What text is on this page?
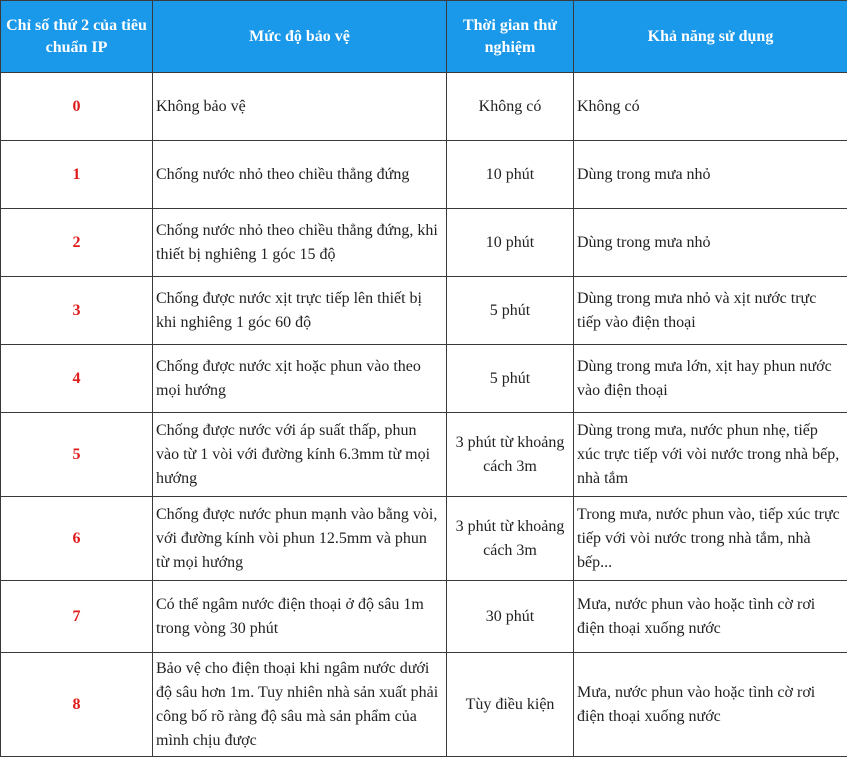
Chỉ số thứ 2 của tiêu chuẩn IP	Mức độ bảo vệ	Thời gian thử nghiệm	Khả năng sử dụng
0	Không bảo vệ	Không có	Không có
1	Chống nước nhỏ theo chiều thẳng đứng	10 phút	Dùng trong mưa nhỏ
2	Chống nước nhỏ theo chiều thẳng đứng, khi thiết bị nghiêng 1 góc 15 độ	10 phút	Dùng trong mưa nhỏ
3	Chống được nước xịt trực tiếp lên thiết bị khi nghiêng 1 góc 60 độ	5 phút	Dùng trong mưa nhỏ và xịt nước trực tiếp vào điện thoại
4	Chống được nước xịt hoặc phun vào theo mọi hướng	5 phút	Dùng trong mưa lớn, xịt hay phun nước vào điện thoại
5	Chống được nước với áp suất thấp, phun vào từ 1 vòi với đường kính 6.3mm từ mọi hướng	3 phút từ khoảng cách 3m	Dùng trong mưa, nước phun nhẹ, tiếp xúc trực tiếp với vòi nước trong nhà bếp, nhà tắm
6	Chống được nước phun mạnh vào bằng vòi, với đường kính vòi phun 12.5mm và phun từ mọi hướng	3 phút từ khoảng cách 3m	Trong mưa, nước phun vào, tiếp xúc trực tiếp với vòi nước trong nhà tắm, nhà bếp...
7	Có thể ngâm nước điện thoại ở độ sâu 1m trong vòng 30 phút	30 phút	Mưa, nước phun vào hoặc tình cờ rơi điện thoại xuống nước
8	Bảo vệ cho điện thoại khi ngâm nước dưới độ sâu hơn 1m. Tuy nhiên nhà sản xuất phải công bố rõ ràng độ sâu mà sản phẩm của mình chịu được	Tùy điều kiện	Mưa, nước phun vào hoặc tình cờ rơi điện thoại xuống nước
